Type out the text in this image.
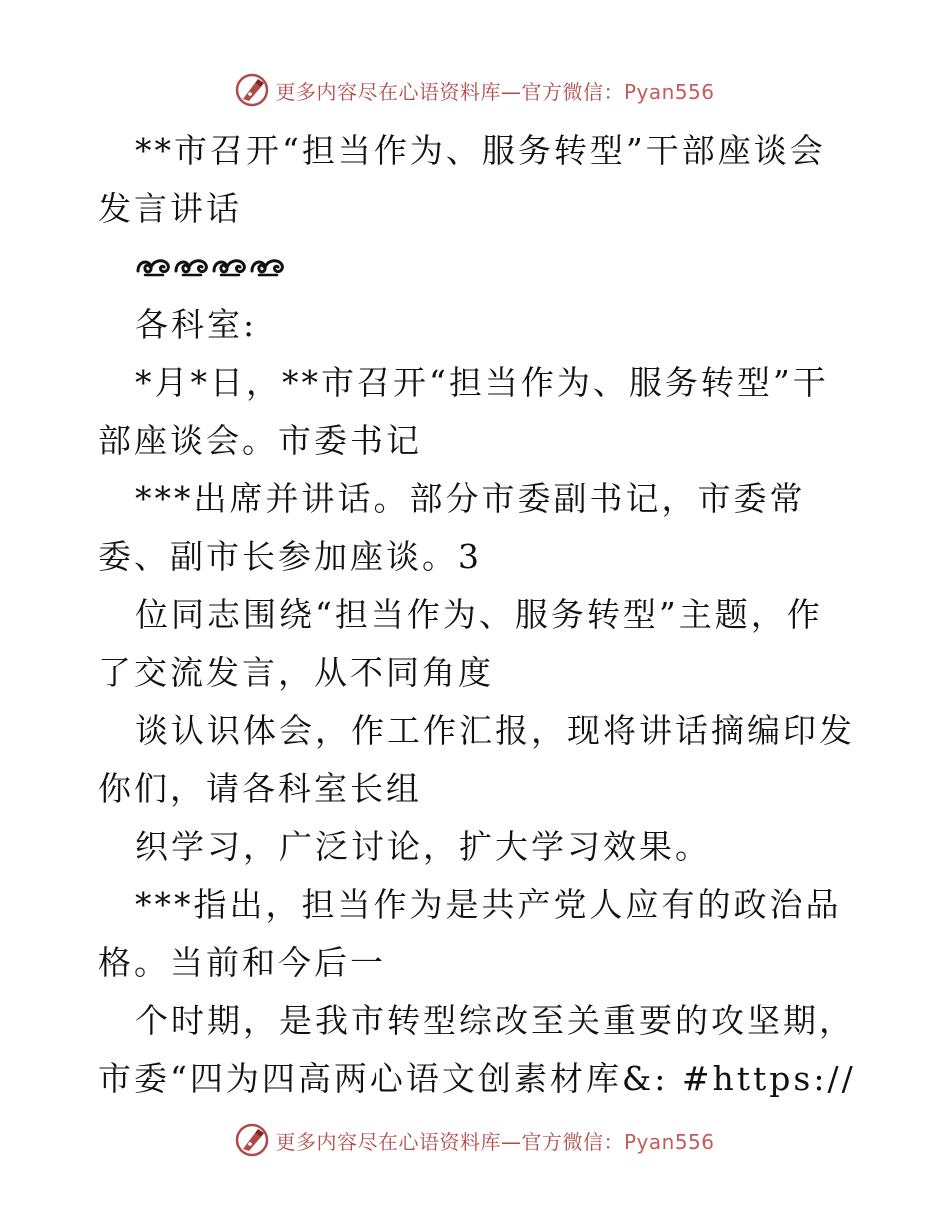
更多内容尽在心语资料库—官方微信：Pyan556

**市召开“担当作为、服务转型”干部座谈会发言讲话

各科室:

*月*日，**市召开“担当作为、服务转型”干部座谈会。市委书记

***出席并讲话。部分市委副书记，市委常委、副市长参加座谈。3

位同志围绕“担当作为、服务转型”主题，作了交流发言，从不同角度

谈认识体会，作工作汇报，现将讲话摘编印发你们，请各科室长组

织学习，广泛讨论，扩大学习效果。

***指出，担当作为是共产党人应有的政治品格。当前和今后一

个时期，是我市转型综改至关重要的攻坚期，市委“四为四高两心语文创素材库&: #https://

更多内容尽在心语资料库—官方微信：Pyan556
